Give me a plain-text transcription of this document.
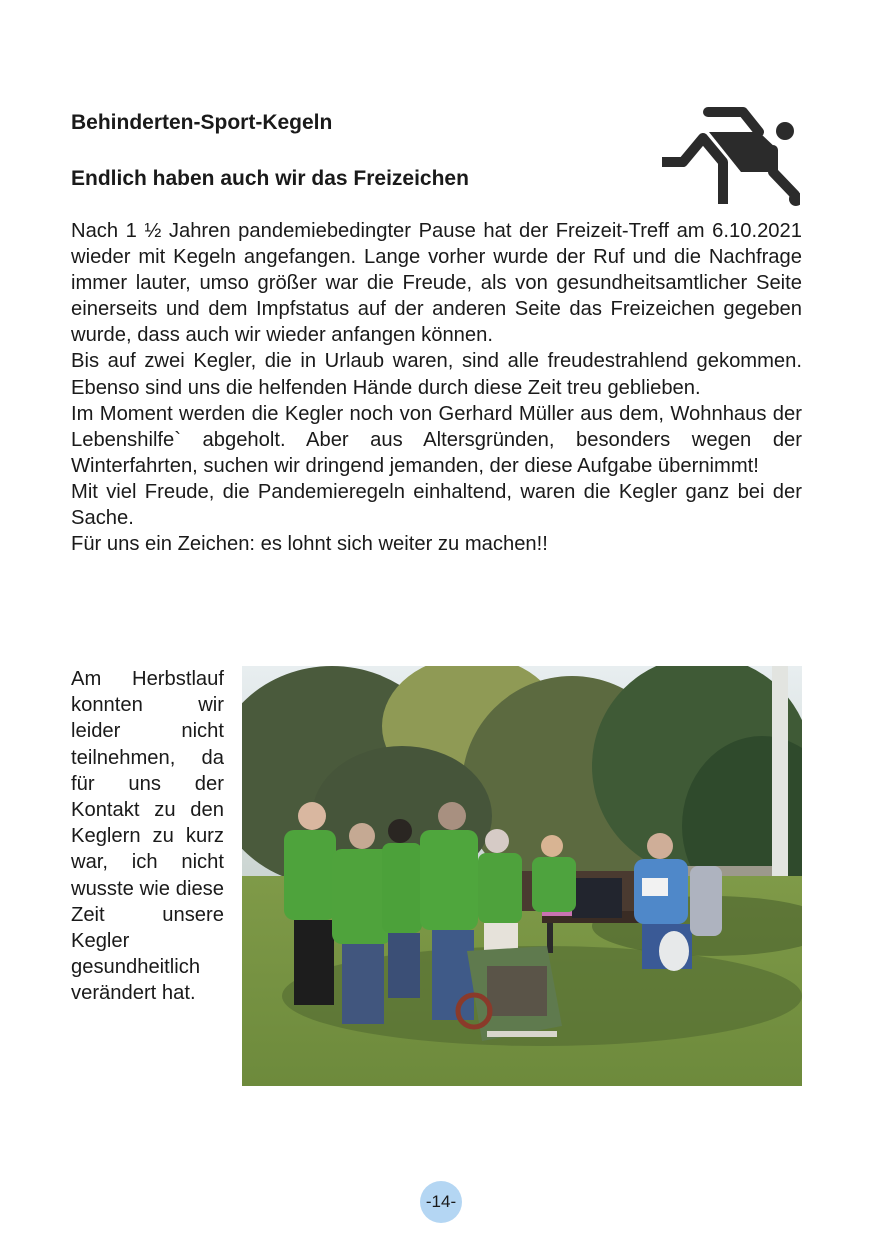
Behinderten-Sport-Kegeln
Endlich haben auch wir das Freizeichen

Nach 1 ½ Jahren pandemiebedingter Pause hat der Freizeit-Treff am 6.10.2021 wieder mit Kegeln angefangen. Lange vorher wurde der Ruf und die Nachfrage immer lauter, umso größer war die Freude, als von gesundheitsamtlicher Seite einerseits und dem Impfstatus auf der anderen Seite das Freizeichen gegeben wurde, dass auch wir wieder anfangen können.

Bis auf zwei Kegler, die in Urlaub waren, sind alle freudestrahlend gekommen. Ebenso sind uns die helfenden Hände durch diese Zeit treu geblieben.

Im Moment werden die Kegler noch von Gerhard Müller aus dem, Wohnhaus der Lebenshilfe` abgeholt. Aber aus Altersgründen, besonders wegen der Winterfahrten, suchen wir dringend jemanden, der diese Aufgabe übernimmt!

Mit viel Freude, die Pandemieregeln einhaltend, waren die Kegler ganz bei der Sache.

Für uns ein Zeichen: es lohnt sich weiter zu machen!!

Am Herbstlauf konnten wir leider nicht teilnehmen, da für uns der Kontakt zu den Keglern zu kurz war, ich nicht wusste wie diese Zeit unsere Kegler gesundheitlich verändert hat.

-14-
